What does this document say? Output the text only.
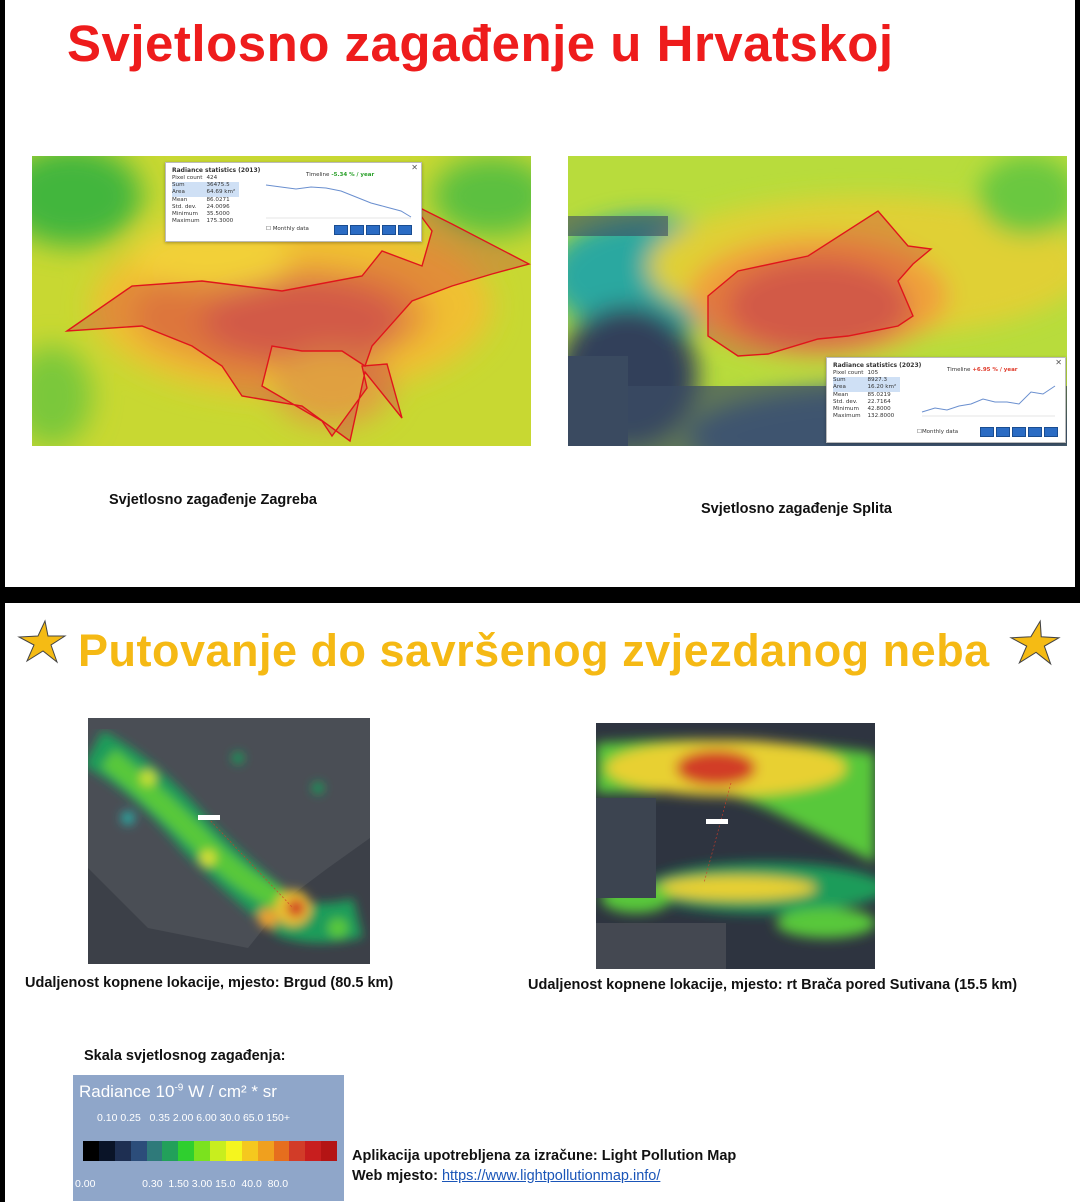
Svjetlosno zagađenje u Hrvatskoj
Radiance statistics (2013)	✕
Pixel count	424
Sum	36475.5
Area	64.69 km²
Mean	86.0271
Std. dev.	24.0096
Minimum	35.5000
Maximum	175.3000
Timeline -5.34 % / year
☐ Monthly data
Radiance statistics (2023)	✕
Pixel count	105
Sum	8927.3
Area	16.20 km²
Mean	85.0219
Std. dev.	22.7164
Minimum	42.8000
Maximum	132.8000
Timeline +6.95 % / year
☐Monthly data
Svjetlosno zagađenje Zagreba
Svjetlosno zagađenje Splita
Putovanje do savršenog zvjezdanog neba
Udaljenost kopnene lokacije, mjesto: Brgud (80.5 km)	Udaljenost kopnene lokacije, mjesto: rt Brača pored Sutivana (15.5 km)
Skala svjetlosnog zagađenja:
Radiance $10^{-9}$ W / cm² * sr
0.10 0.25   0.35 2.00 6.00 30.0 65.0 150+
0.00                0.30  1.50 3.00 15.0  40.0  80.0
Aplikacija upotrebljena za izračune: Light Pollution Map
Web mjesto: https://www.lightpollutionmap.info/
